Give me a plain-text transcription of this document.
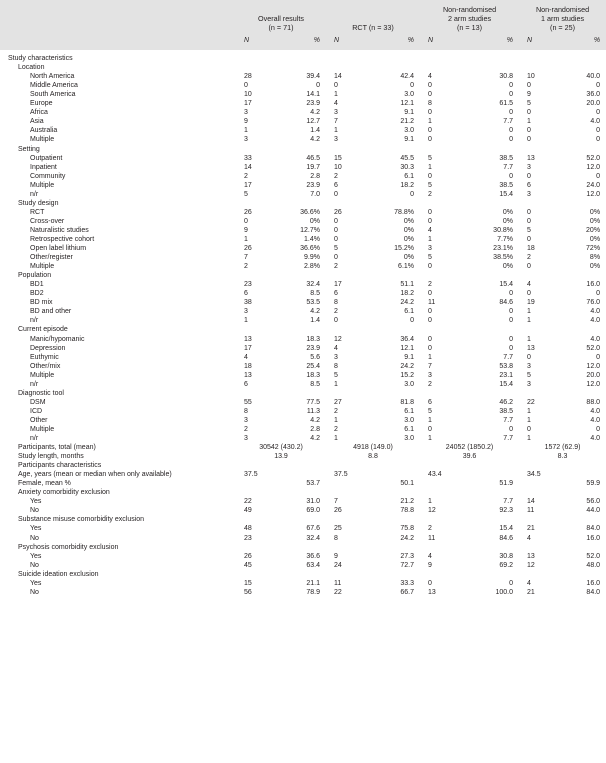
	Overall results
(n = 71)		RCT (n = 33)		Non-randomised
2 arm studies
(n = 13)		Non-randomised
1 arm studies
(n = 25)	
	N	%	N	%	N	%	N	%
Study characteristics								
Location								
North America	28	39.4	14	42.4	4	30.8	10	40.0
Middle America	0	0	0	0	0	0	0	0
South America	10	14.1	1	3.0	0	0	9	36.0
Europe	17	23.9	4	12.1	8	61.5	5	20.0
Africa	3	4.2	3	9.1	0	0	0	0
Asia	9	12.7	7	21.2	1	7.7	1	4.0
Australia	1	1.4	1	3.0	0	0	0	0
Multiple	3	4.2	3	9.1	0	0	0	0
Setting								
Outpatient	33	46.5	15	45.5	5	38.5	13	52.0
Inpatient	14	19.7	10	30.3	1	7.7	3	12.0
Community	2	2.8	2	6.1	0	0	0	0
Multiple	17	23.9	6	18.2	5	38.5	6	24.0
n/r	5	7.0	0	0	2	15.4	3	12.0
Study design								
RCT	26	36.6%	26	78.8%	0	0%	0	0%
Cross-over	0	0%	0	0%	0	0%	0	0%
Naturalistic studies	9	12.7%	0	0%	4	30.8%	5	20%
Retrospective cohort	1	1.4%	0	0%	1	7.7%	0	0%
Open label lithium	26	36.6%	5	15.2%	3	23.1%	18	72%
Other/register	7	9.9%	0	0%	5	38.5%	2	8%
Multiple	2	2.8%	2	6.1%	0	0%	0	0%
Population								
BD1	23	32.4	17	51.1	2	15.4	4	16.0
BD2	6	8.5	6	18.2	0	0	0	0
BD mix	38	53.5	8	24.2	11	84.6	19	76.0
BD and other	3	4.2	2	6.1	0	0	1	4.0
n/r	1	1.4	0	0	0	0	1	4.0
Current episode								
Manic/hypomanic	13	18.3	12	36.4	0	0	1	4.0
Depression	17	23.9	4	12.1	0	0	13	52.0
Euthymic	4	5.6	3	9.1	1	7.7	0	0
Other/mix	18	25.4	8	24.2	7	53.8	3	12.0
Multiple	13	18.3	5	15.2	3	23.1	5	20.0
n/r	6	8.5	1	3.0	2	15.4	3	12.0
Diagnostic tool								
DSM	55	77.5	27	81.8	6	46.2	22	88.0
ICD	8	11.3	2	6.1	5	38.5	1	4.0
Other	3	4.2	1	3.0	1	7.7	1	4.0
Multiple	2	2.8	2	6.1	0	0	0	0
n/r	3	4.2	1	3.0	1	7.7	1	4.0
Participants, total (mean)	30542 (430.2)		4918 (149.0)		24052 (1850.2)		1572 (62.9)	
Study length, months	13.9		8.8		39.6		8.3	
Participants characteristics								
Age, years (mean or median when only available)	37.5		37.5		43.4		34.5	
Female, mean %		53.7		50.1		51.9		59.9
Anxiety comorbidity exclusion								
Yes	22	31.0	7	21.2	1	7.7	14	56.0
No	49	69.0	26	78.8	12	92.3	11	44.0
Substance misuse comorbidity exclusion								
Yes	48	67.6	25	75.8	2	15.4	21	84.0
No	23	32.4	8	24.2	11	84.6	4	16.0
Psychosis comorbidity exclusion								
Yes	26	36.6	9	27.3	4	30.8	13	52.0
No	45	63.4	24	72.7	9	69.2	12	48.0
Suicide ideation exclusion								
Yes	15	21.1	11	33.3	0	0	4	16.0
No	56	78.9	22	66.7	13	100.0	21	84.0
